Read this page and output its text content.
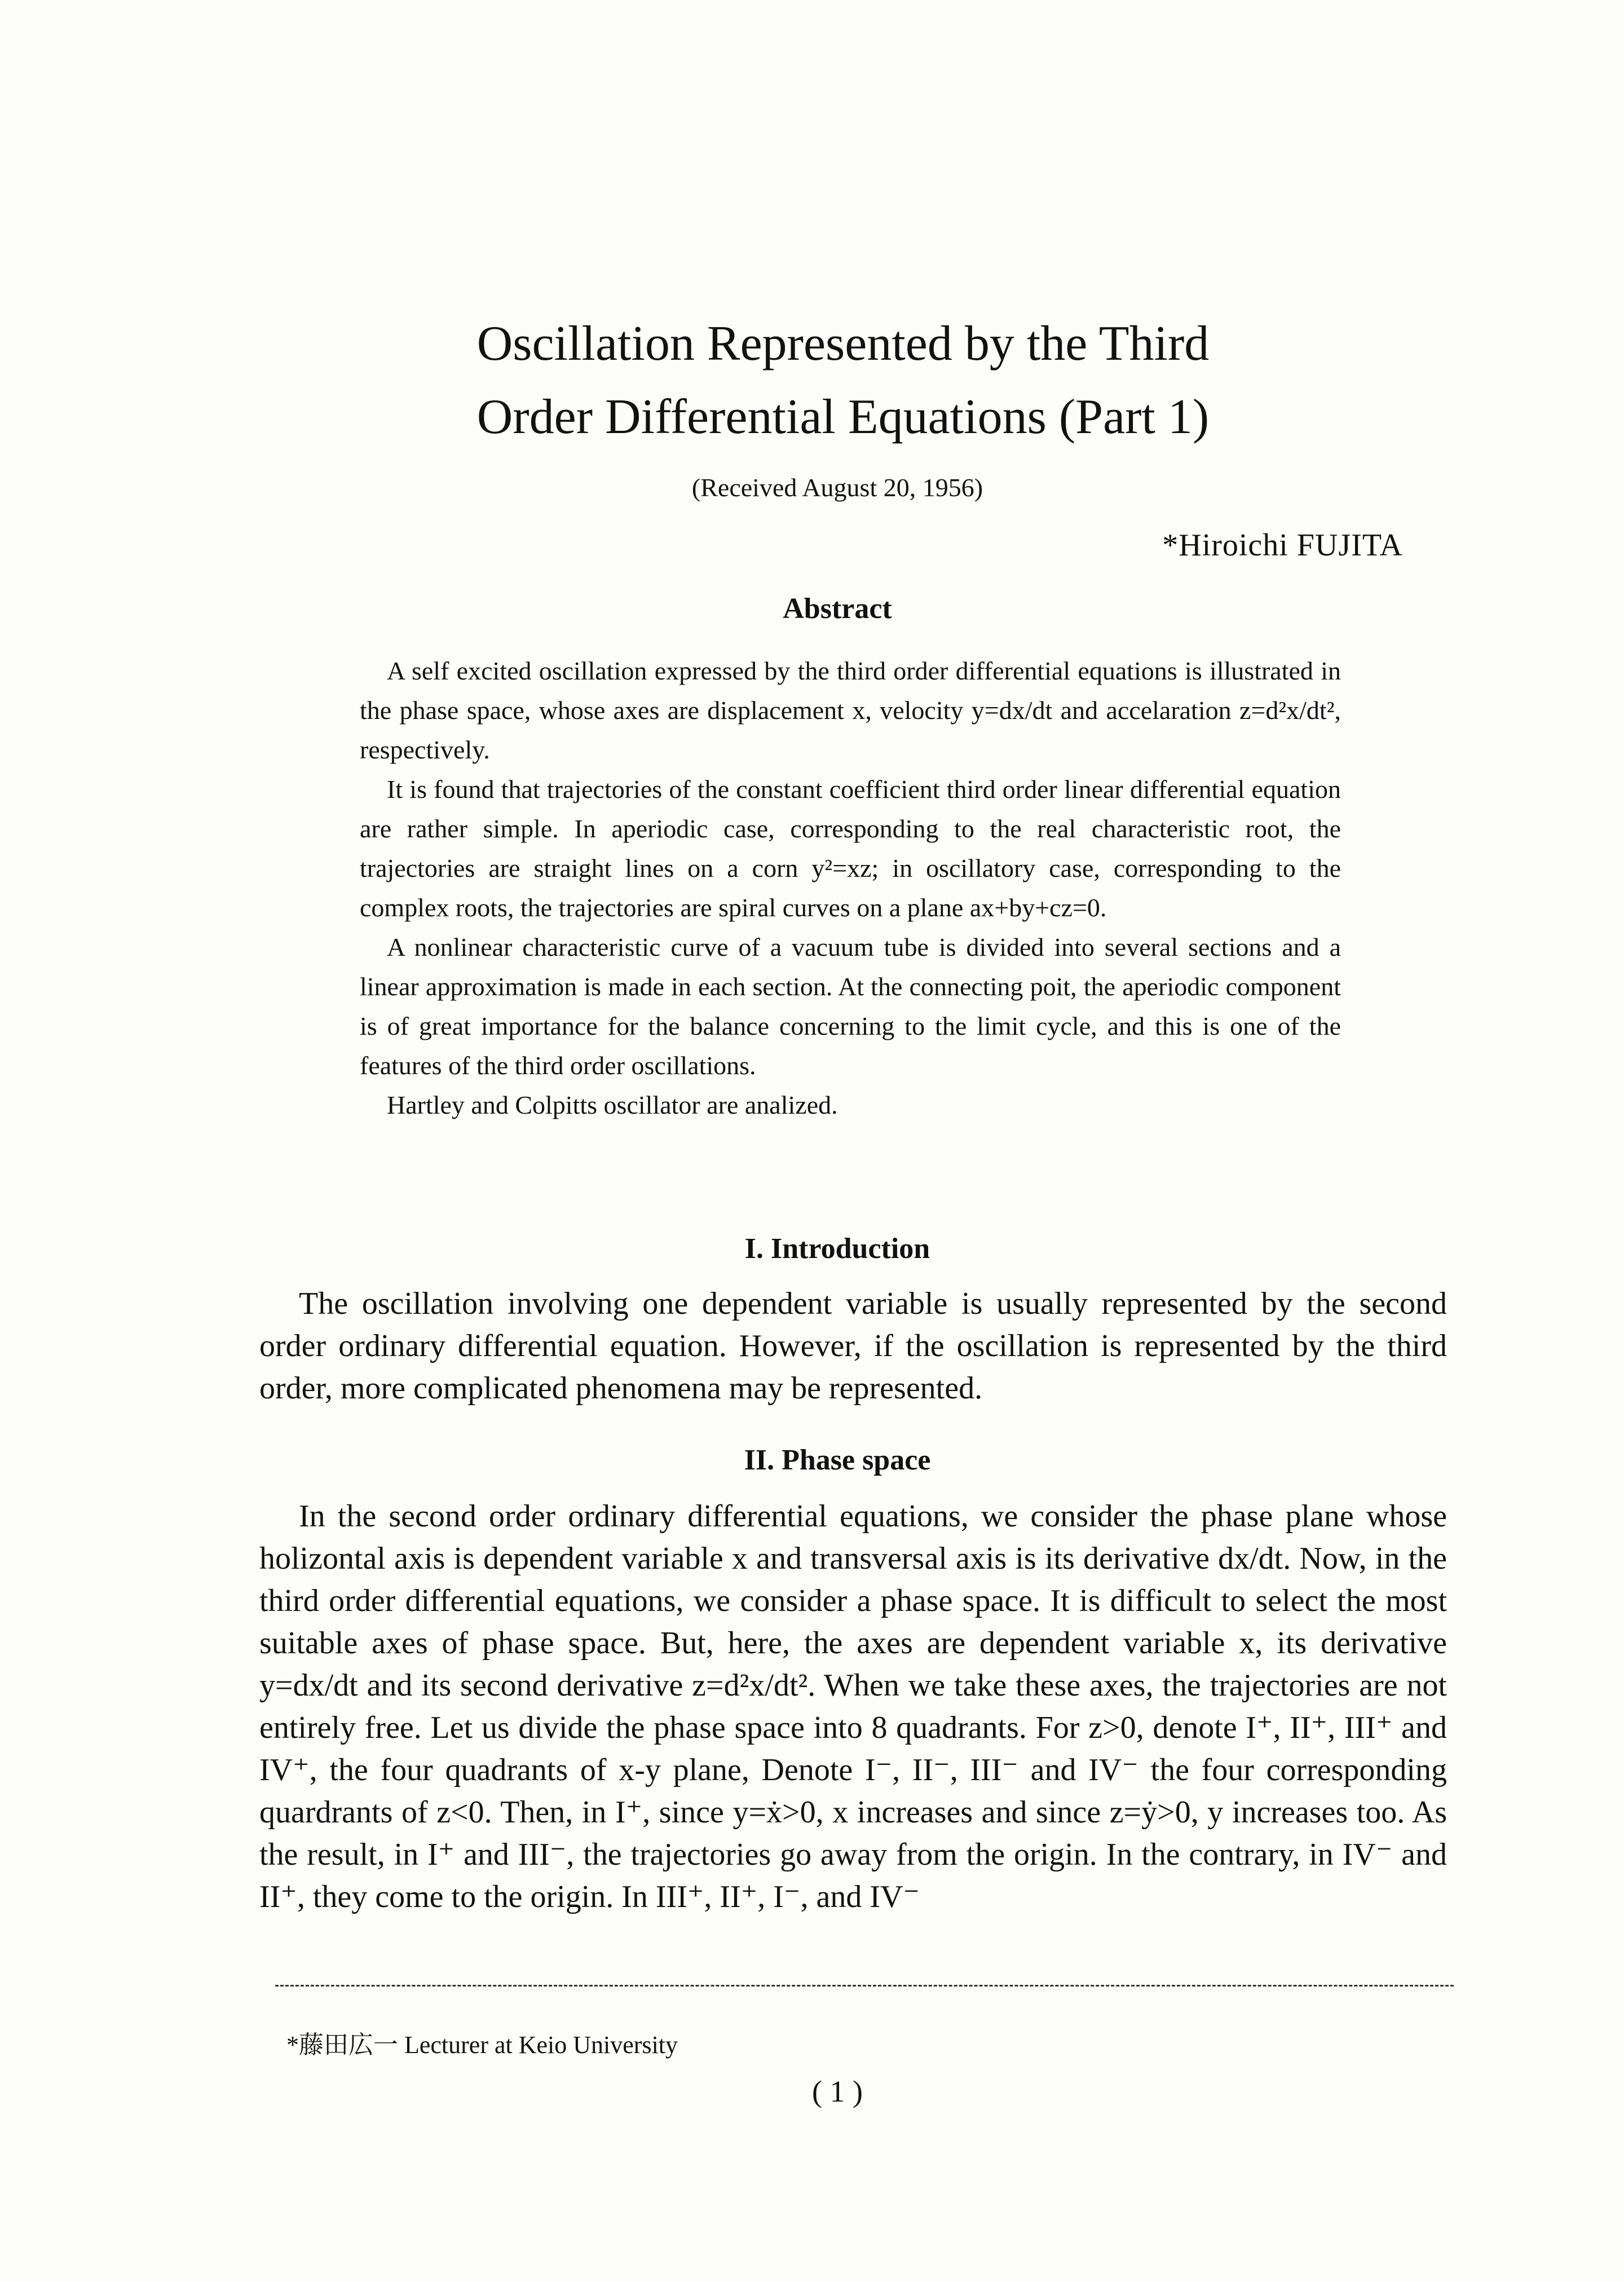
Oscillation Represented by the Third
Order Differential Equations (Part 1)
(Received August 20, 1956)
*Hiroichi FUJITA
Abstract

A self excited oscillation expressed by the third order differential equations is illustrated in the phase space, whose axes are displacement x, velocity y=dx/dt and accelaration z=d²x/dt², respectively.

It is found that trajectories of the constant coefficient third order linear differential equation are rather simple. In aperiodic case, corresponding to the real characteristic root, the trajectories are straight lines on a corn y²=xz; in oscillatory case, corresponding to the complex roots, the trajectories are spiral curves on a plane ax+by+cz=0.

A nonlinear characteristic curve of a vacuum tube is divided into several sections and a linear approximation is made in each section. At the connecting poit, the aperiodic component is of great importance for the balance concerning to the limit cycle, and this is one of the features of the third order oscillations.

Hartley and Colpitts oscillator are analized.

I. Introduction

The oscillation involving one dependent variable is usually represented by the second order ordinary differential equation. However, if the oscillation is represented by the third order, more complicated phenomena may be represented.

II. Phase space

In the second order ordinary differential equations, we consider the phase plane whose holizontal axis is dependent variable x and transversal axis is its derivative dx/dt. Now, in the third order differential equations, we consider a phase space. It is difficult to select the most suitable axes of phase space. But, here, the axes are dependent variable x, its derivative y=dx/dt and its second derivative z=d²x/dt². When we take these axes, the trajectories are not entirely free. Let us divide the phase space into 8 quadrants. For z>0, denote I⁺, II⁺, III⁺ and IV⁺, the four quadrants of x-y plane, Denote I⁻, II⁻, III⁻ and IV⁻ the four corresponding quardrants of z<0. Then, in I⁺, since y=ẋ>0, x increases and since z=ẏ>0, y increases too. As the result, in I⁺ and III⁻, the trajectories go away from the origin. In the contrary, in IV⁻ and II⁺, they come to the origin. In III⁺, II⁺, I⁻, and IV⁻

*藤田広一 Lecturer at Keio University
( 1 )
